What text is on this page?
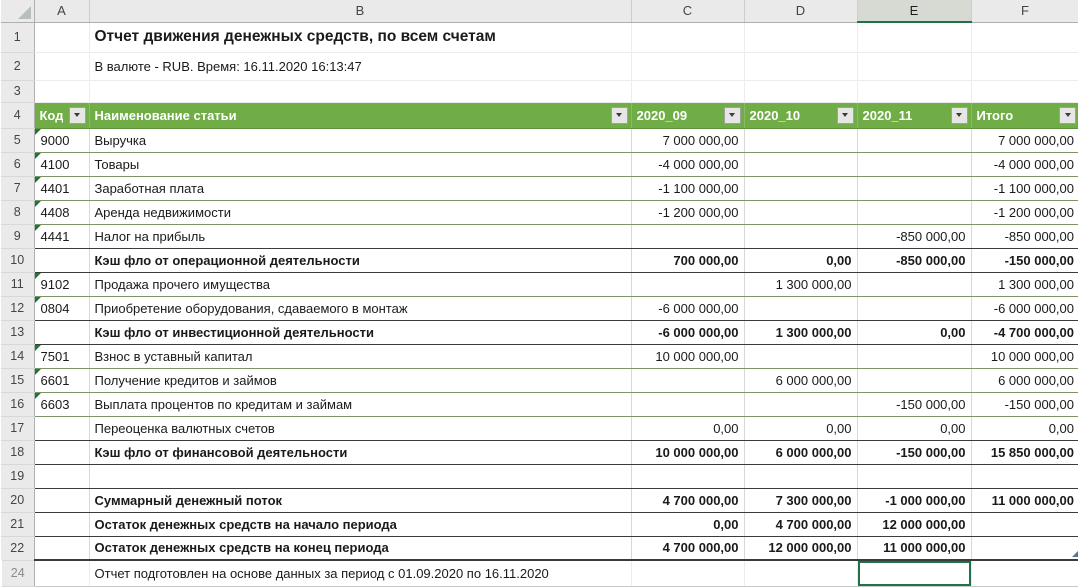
	A	B	C	D	E	F
1		Отчет движения денежных средств, по всем счетам				
2		В валюте - RUB. Время: 16.11.2020 16:13:47				
3						
4	Код	Наименование статьи	2020_09	2020_10	2020_11	Итого

5	9000	Выручка	7 000 000,00			7 000 000,00
6	4100	Товары	-4 000 000,00			-4 000 000,00
7	4401	Заработная плата	-1 100 000,00			-1 100 000,00
8	4408	Аренда недвижимости	-1 200 000,00			-1 200 000,00
9	4441	Налог на прибыль			-850 000,00	-850 000,00
10		Кэш фло от операционной деятельности	700 000,00	0,00	-850 000,00	-150 000,00
11	9102	Продажа прочего имущества		1 300 000,00		1 300 000,00
12	0804	Приобретение оборудования, сдаваемого в монтаж	-6 000 000,00			-6 000 000,00
13		Кэш фло от инвестиционной деятельности	-6 000 000,00	1 300 000,00	0,00	-4 700 000,00
14	7501	Взнос в уставный капитал	10 000 000,00			10 000 000,00
15	6601	Получение кредитов и займов		6 000 000,00		6 000 000,00
16	6603	Выплата процентов по кредитам и займам			-150 000,00	-150 000,00
17		Переоценка валютных счетов	0,00	0,00	0,00	0,00
18		Кэш фло от финансовой деятельности	10 000 000,00	6 000 000,00	-150 000,00	15 850 000,00
19						
20		Суммарный денежный поток	4 700 000,00	7 300 000,00	-1 000 000,00	11 000 000,00
21		Остаток денежных средств на начало периода	0,00	4 700 000,00	12 000 000,00	
22		Остаток денежных средств на конец периода	4 700 000,00	12 000 000,00	11 000 000,00	

24		Отчет подготовлен на основе данных за период с 01.09.2020 по 16.11.2020				
